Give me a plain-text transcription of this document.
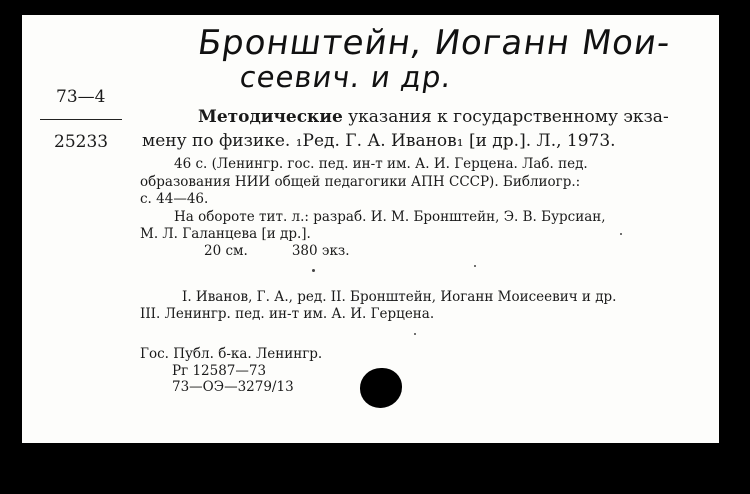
Бронштейн, Иоганн Мои-
сеевич. и др.
73—4
25233
Методические указания к государственному экза-
мену по физике. ₁Ред. Г. А. Иванов₁ [и др.]. Л., 1973.
46 с. (Ленингр. гос. пед. ин-т им. А. И. Герцена. Лаб. пед.
образования НИИ общей педагогики АПН СССР). Библиогр.:
с. 44—46.
На обороте тит. л.: разраб. И. М. Бронштейн, Э. В. Бурсиан,
М. Л. Галанцева [и др.].
20 см.	380 экз.
I. Иванов, Г. А., ред. II. Бронштейн, Иоганн Моисеевич и др.
III. Ленингр. пед. ин-т им. А. И. Герцена.
Гос. Публ. б-ка. Ленингр.
Рг 12587—73
73—ОЭ—3279/13
